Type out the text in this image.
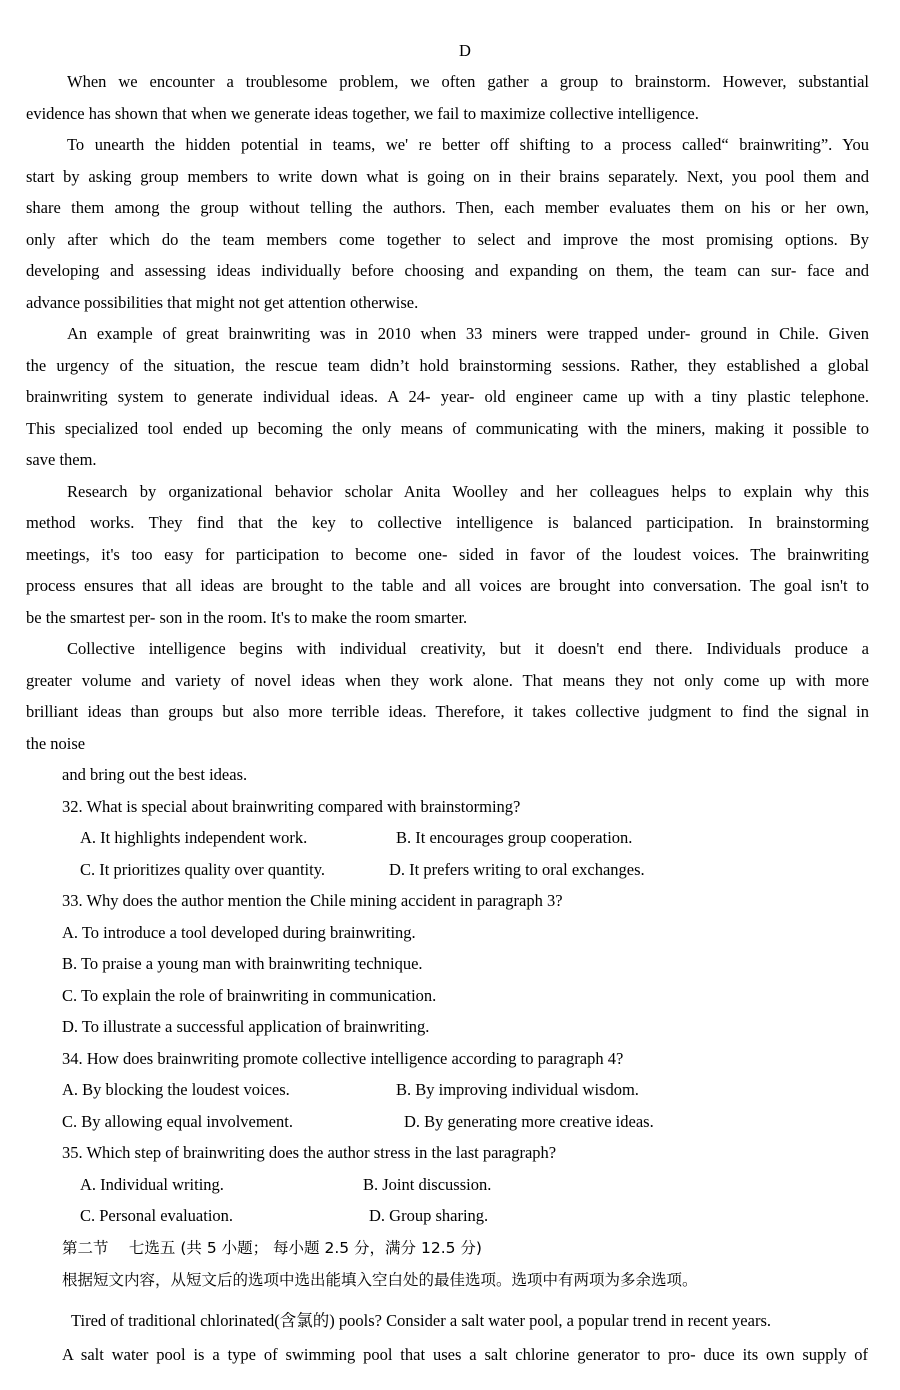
D
When we encounter a troublesome problem, we often gather a group to brainstorm. However, substantial
evidence has shown that when we generate ideas together, we fail to maximize collective intelligence.
To unearth the hidden potential in teams, we' re better off shifting to a process called“ brainwriting”. You
start by asking group members to write down what is going on in their brains separately. Next, you pool them and
share them among the group without telling the authors. Then, each member evaluates them on his or her own,
only after which do the team members come together to select and improve the most promising options. By
developing and assessing ideas individually before choosing and expanding on them, the team can sur- face and
advance possibilities that might not get attention otherwise.
An example of great brainwriting was in 2010 when 33 miners were trapped under- ground in Chile. Given
the urgency of the situation, the rescue team didn’t hold brainstorming sessions. Rather, they established a global
brainwriting system to generate individual ideas. A 24- year- old engineer came up with a tiny plastic telephone.
This specialized tool ended up becoming the only means of communicating with the miners, making it possible to
save them.
Research by organizational behavior scholar Anita Woolley and her colleagues helps to explain why this
method works. They find that the key to collective intelligence is balanced participation. In brainstorming
meetings, it's too easy for participation to become one- sided in favor of the loudest voices. The brainwriting
process ensures that all ideas are brought to the table and all voices are brought into conversation. The goal isn't to
be the smartest per- son in the room. It's to make the room smarter.
Collective intelligence begins with individual creativity, but it doesn't end there. Individuals produce a
greater volume and variety of novel ideas when they work alone. That means they not only come up with more
brilliant ideas than groups but also more terrible ideas. Therefore, it takes collective judgment to find the signal in
the noise
and bring out the best ideas.
32. What is special about brainwriting compared with brainstorming?
A. It highlights independent work.	B. It encourages group cooperation.
C. It prioritizes quality over quantity.	D. It prefers writing to oral exchanges.
33. Why does the author mention the Chile mining accident in paragraph 3?
A. To introduce a tool developed during brainwriting.
B. To praise a young man with brainwriting technique.
C. To explain the role of brainwriting in communication.
D. To illustrate a successful application of brainwriting.
34. How does brainwriting promote collective intelligence according to paragraph 4?
A. By blocking the loudest voices.	B. By improving individual wisdom.
C. By allowing equal involvement.	D. By generating more creative ideas.
35. Which step of brainwriting does the author stress in the last paragraph?
A. Individual writing.	B. Joint discussion.
C. Personal evaluation.	D. Group sharing.
第二节　 七选五 (共 5 小题； 每小题 2.5 分，满分 12.5 分)
根据短文内容，从短文后的选项中选出能填入空白处的最佳选项。选项中有两项为多余选项。
Tired of traditional chlorinated(含氯的) pools? Consider a salt water pool, a popular trend in recent years.
A salt water pool is a type of swimming pool that uses a salt chlorine generator to pro- duce its own supply of
